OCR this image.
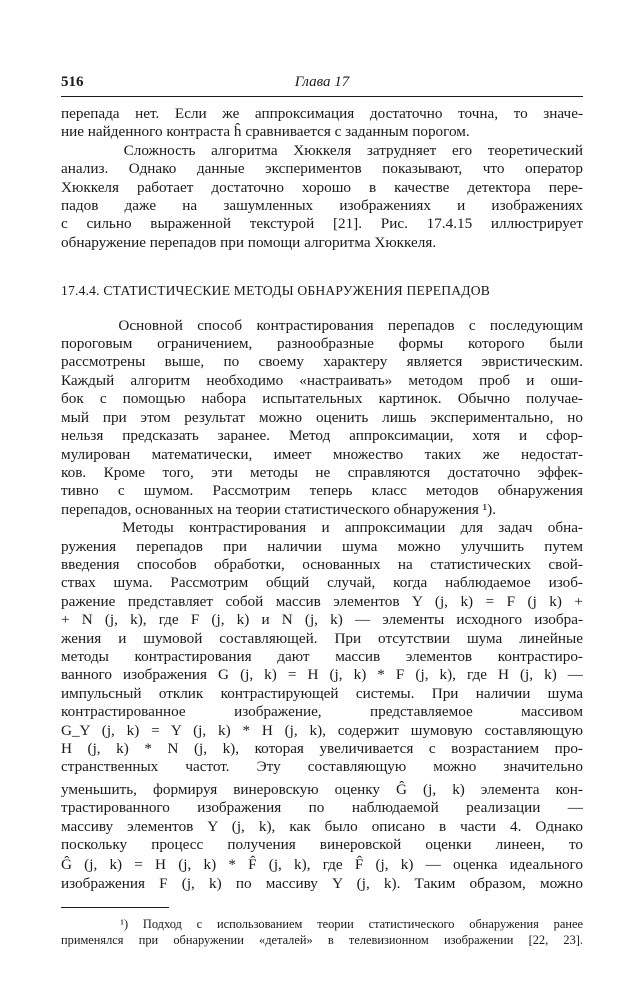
516	Глава 17

перепада нет. Если же аппроксимация достаточно точна, то значе-
ние найденного контраста ĥ сравнивается с заданным порогом.

Сложность алгоритма Хюккеля затрудняет его теоретический
анализ. Однако данные экспериментов показывают, что оператор
Хюккеля работает достаточно хорошо в качестве детектора пере-
падов даже на зашумленных изображениях и изображениях
с сильно выраженной текстурой [21]. Рис. 17.4.15 иллюстрирует
обнаружение перепадов при помощи алгоритма Хюккеля.

17.4.4. СТАТИСТИЧЕСКИЕ МЕТОДЫ ОБНАРУЖЕНИЯ ПЕРЕПАДОВ

Основной способ контрастирования перепадов с последующим
пороговым ограничением, разнообразные формы которого были
рассмотрены выше, по своему характеру является эвристическим.
Каждый алгоритм необходимо «настраивать» методом проб и оши-
бок с помощью набора испытательных картинок. Обычно получае-
мый при этом результат можно оценить лишь экспериментально, но
нельзя предсказать заранее. Метод аппроксимации, хотя и сфор-
мулирован математически, имеет множество таких же недостат-
ков. Кроме того, эти методы не справляются достаточно эффек-
тивно с шумом. Рассмотрим теперь класс методов обнаружения
перепадов, основанных на теории статистического обнаружения ¹).

Методы контрастирования и аппроксимации для задач обна-
ружения перепадов при наличии шума можно улучшить путем
введения способов обработки, основанных на статистических свой-
ствах шума. Рассмотрим общий случай, когда наблюдаемое изоб-
ражение представляет собой массив элементов Y (j, k) = F (j k) +
+ N (j, k), где F (j, k) и N (j, k) — элементы исходного изобра-
жения и шумовой составляющей. При отсутствии шума линейные
методы контрастирования дают массив элементов контрастиро-
ванного изображения G (j, k) = H (j, k) * F (j, k), где H (j, k) —
импульсный отклик контрастирующей системы. При наличии шума
контрастированное изображение, представляемое массивом
G_Y (j, k) = Y (j, k) * H (j, k), содержит шумовую составляющую
H (j, k) * N (j, k), которая увеличивается с возрастанием про-
странственных частот. Эту составляющую можно значительно
уменьшить, формируя винеровскую оценку Ĝ (j, k) элемента кон-
трастированного изображения по наблюдаемой реализации —
массиву элементов Y (j, k), как было описано в части 4. Однако
поскольку процесс получения винеровской оценки линеен, то
Ĝ (j, k) = H (j, k) * F̂ (j, k), где F̂ (j, k) — оценка идеального
изображения F (j, k) по массиву Y (j, k). Таким образом, можно

¹) Подход с использованием теории статистического обнаружения ранее
применялся при обнаружении «деталей» в телевизионном изображении [22, 23].
